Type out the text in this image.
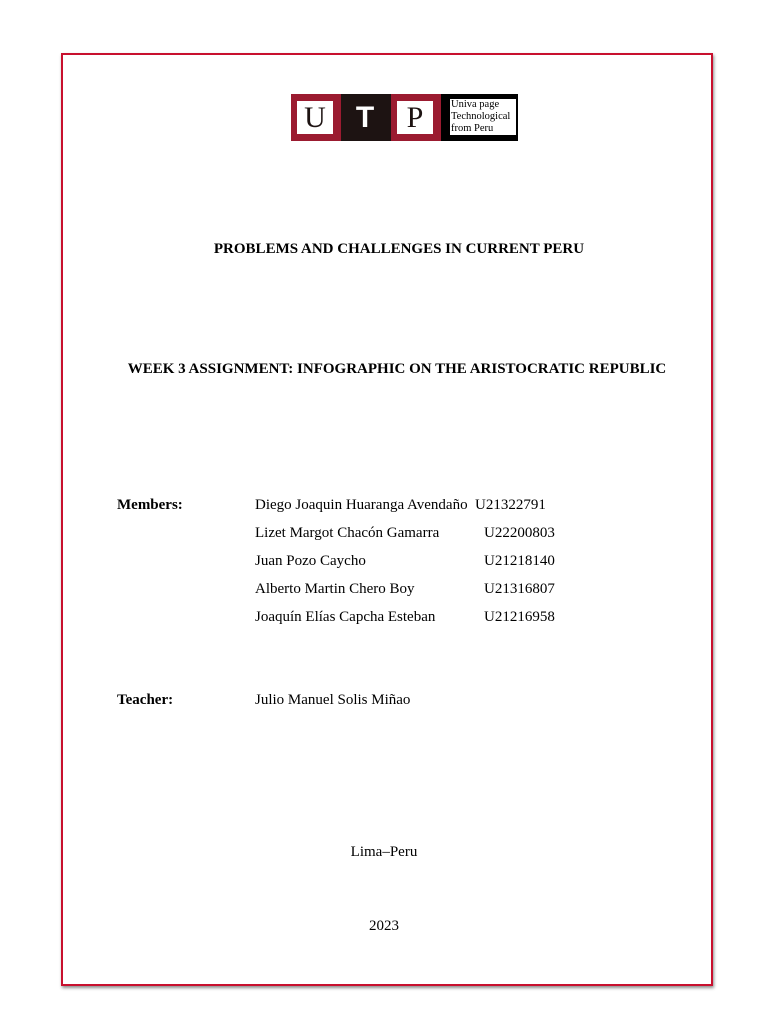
U T	P	Univa page
Technological
from Peru
PROBLEMS AND CHALLENGES IN CURRENT PERU
WEEK 3 ASSIGNMENT: INFOGRAPHIC ON THE ARISTOCRATIC REPUBLIC
Members:	Diego Joaquin Huaranga Avendaño U21322791
Lizet Margot Chacón Gamarra	U22200803
Juan Pozo Caycho	U21218140
Alberto Martin Chero Boy	U21316807
Joaquín Elías Capcha Esteban	U21216958
Teacher:	Julio Manuel Solis Miñao
Lima–Peru
2023
